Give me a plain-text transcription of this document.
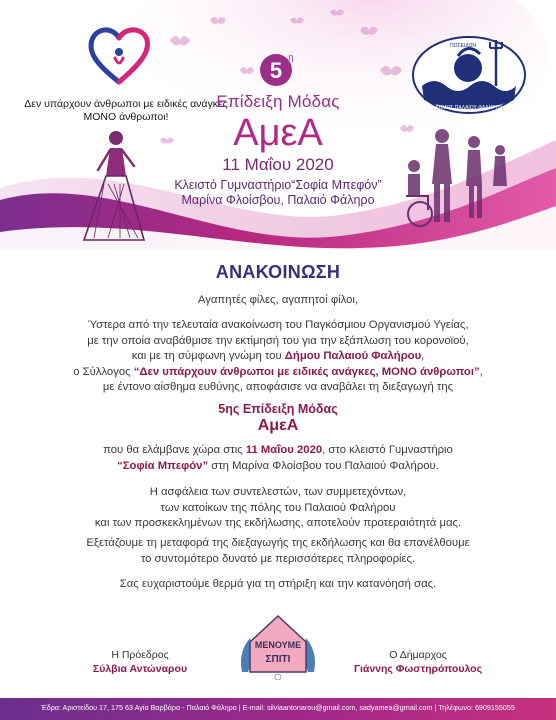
Δεν υπάρχουν άνθρωποι με ειδικές ανάγκες
ΜΟΝΟ άνθρωποι!
5
η
Επίδειξη Μόδας
ΑμεΑ
11 Μαΐου 2020
Κλειστό Γυμναστήριο“Σοφία Μπεφόν”
Μαρίνα Φλοίσβου, Παλαιό Φάληρο
ΠΟΣΕΙΔΩΝ
ΔΗΜΟΣ ΠΑΛΑΙΟΥ ΦΑΛΗΡΟΥ
ΑΝΑΚΟΙΝΩΣΗ
Αγαπητές φίλες, αγαπητοί φίλοι,
Ύστερα από την τελευταία ανακοίνωση του Παγκόσμιου Οργανισμού Υγείας,
με την οποία αναβάθμισε την εκτίμησή του για την εξάπλωση του κορονοϊού,
και με τη σύμφωνη γνώμη του Δήμου Παλαιού Φαλήρου,
ο Σύλλογος “Δεν υπάρχουν άνθρωποι με ειδικές ανάγκες, ΜΟΝΟ άνθρωποι”,
με έντονο αίσθημα ευθύνης, αποφάσισε να αναβάλει τη διεξαγωγή της
5ης Επίδειξη Μόδας
ΑμεΑ
που θα ελάμβανε χώρα στις 11 Μαΐου 2020, στο κλειστό Γυμναστήριο
“Σοφία Μπεφόν” στη Μαρίνα Φλοίσβου του Παλαιού Φαλήρου.
Η ασφάλεια των συντελεστών, των συμμετεχόντων,
των κατοίκων της πόλης του Παλαιού Φαλήρου
και των προσκεκλημένων της εκδήλωσης, αποτελούν προτεραιότητά μας.
Εξετάζουμε τη μεταφορά της διεξαγωγής της εκδήλωσης και θα επανέλθουμε
το συντομότερο δυνατό με περισσότερες πληροφορίες.
Σας ευχαριστούμε θερμά για τη στήριξη και την κατανόησή σας.
Η Πρόεδρος
Σύλβια Αντώναρου
ΜΕΝΟΥΜΕ
ΣΠΙΤΙ	Ο Δήμαρχος
Γιάννης Φωστηρόπουλος
Έδρα: Αριστείδου 17, 175 63 Αγία Βαρβάρα - Παλαιό Φάληρο | E-mail: silviaantonarou@gmail.com, sadyamea@gmail.com | Τηλέφωνο: 6909155055
